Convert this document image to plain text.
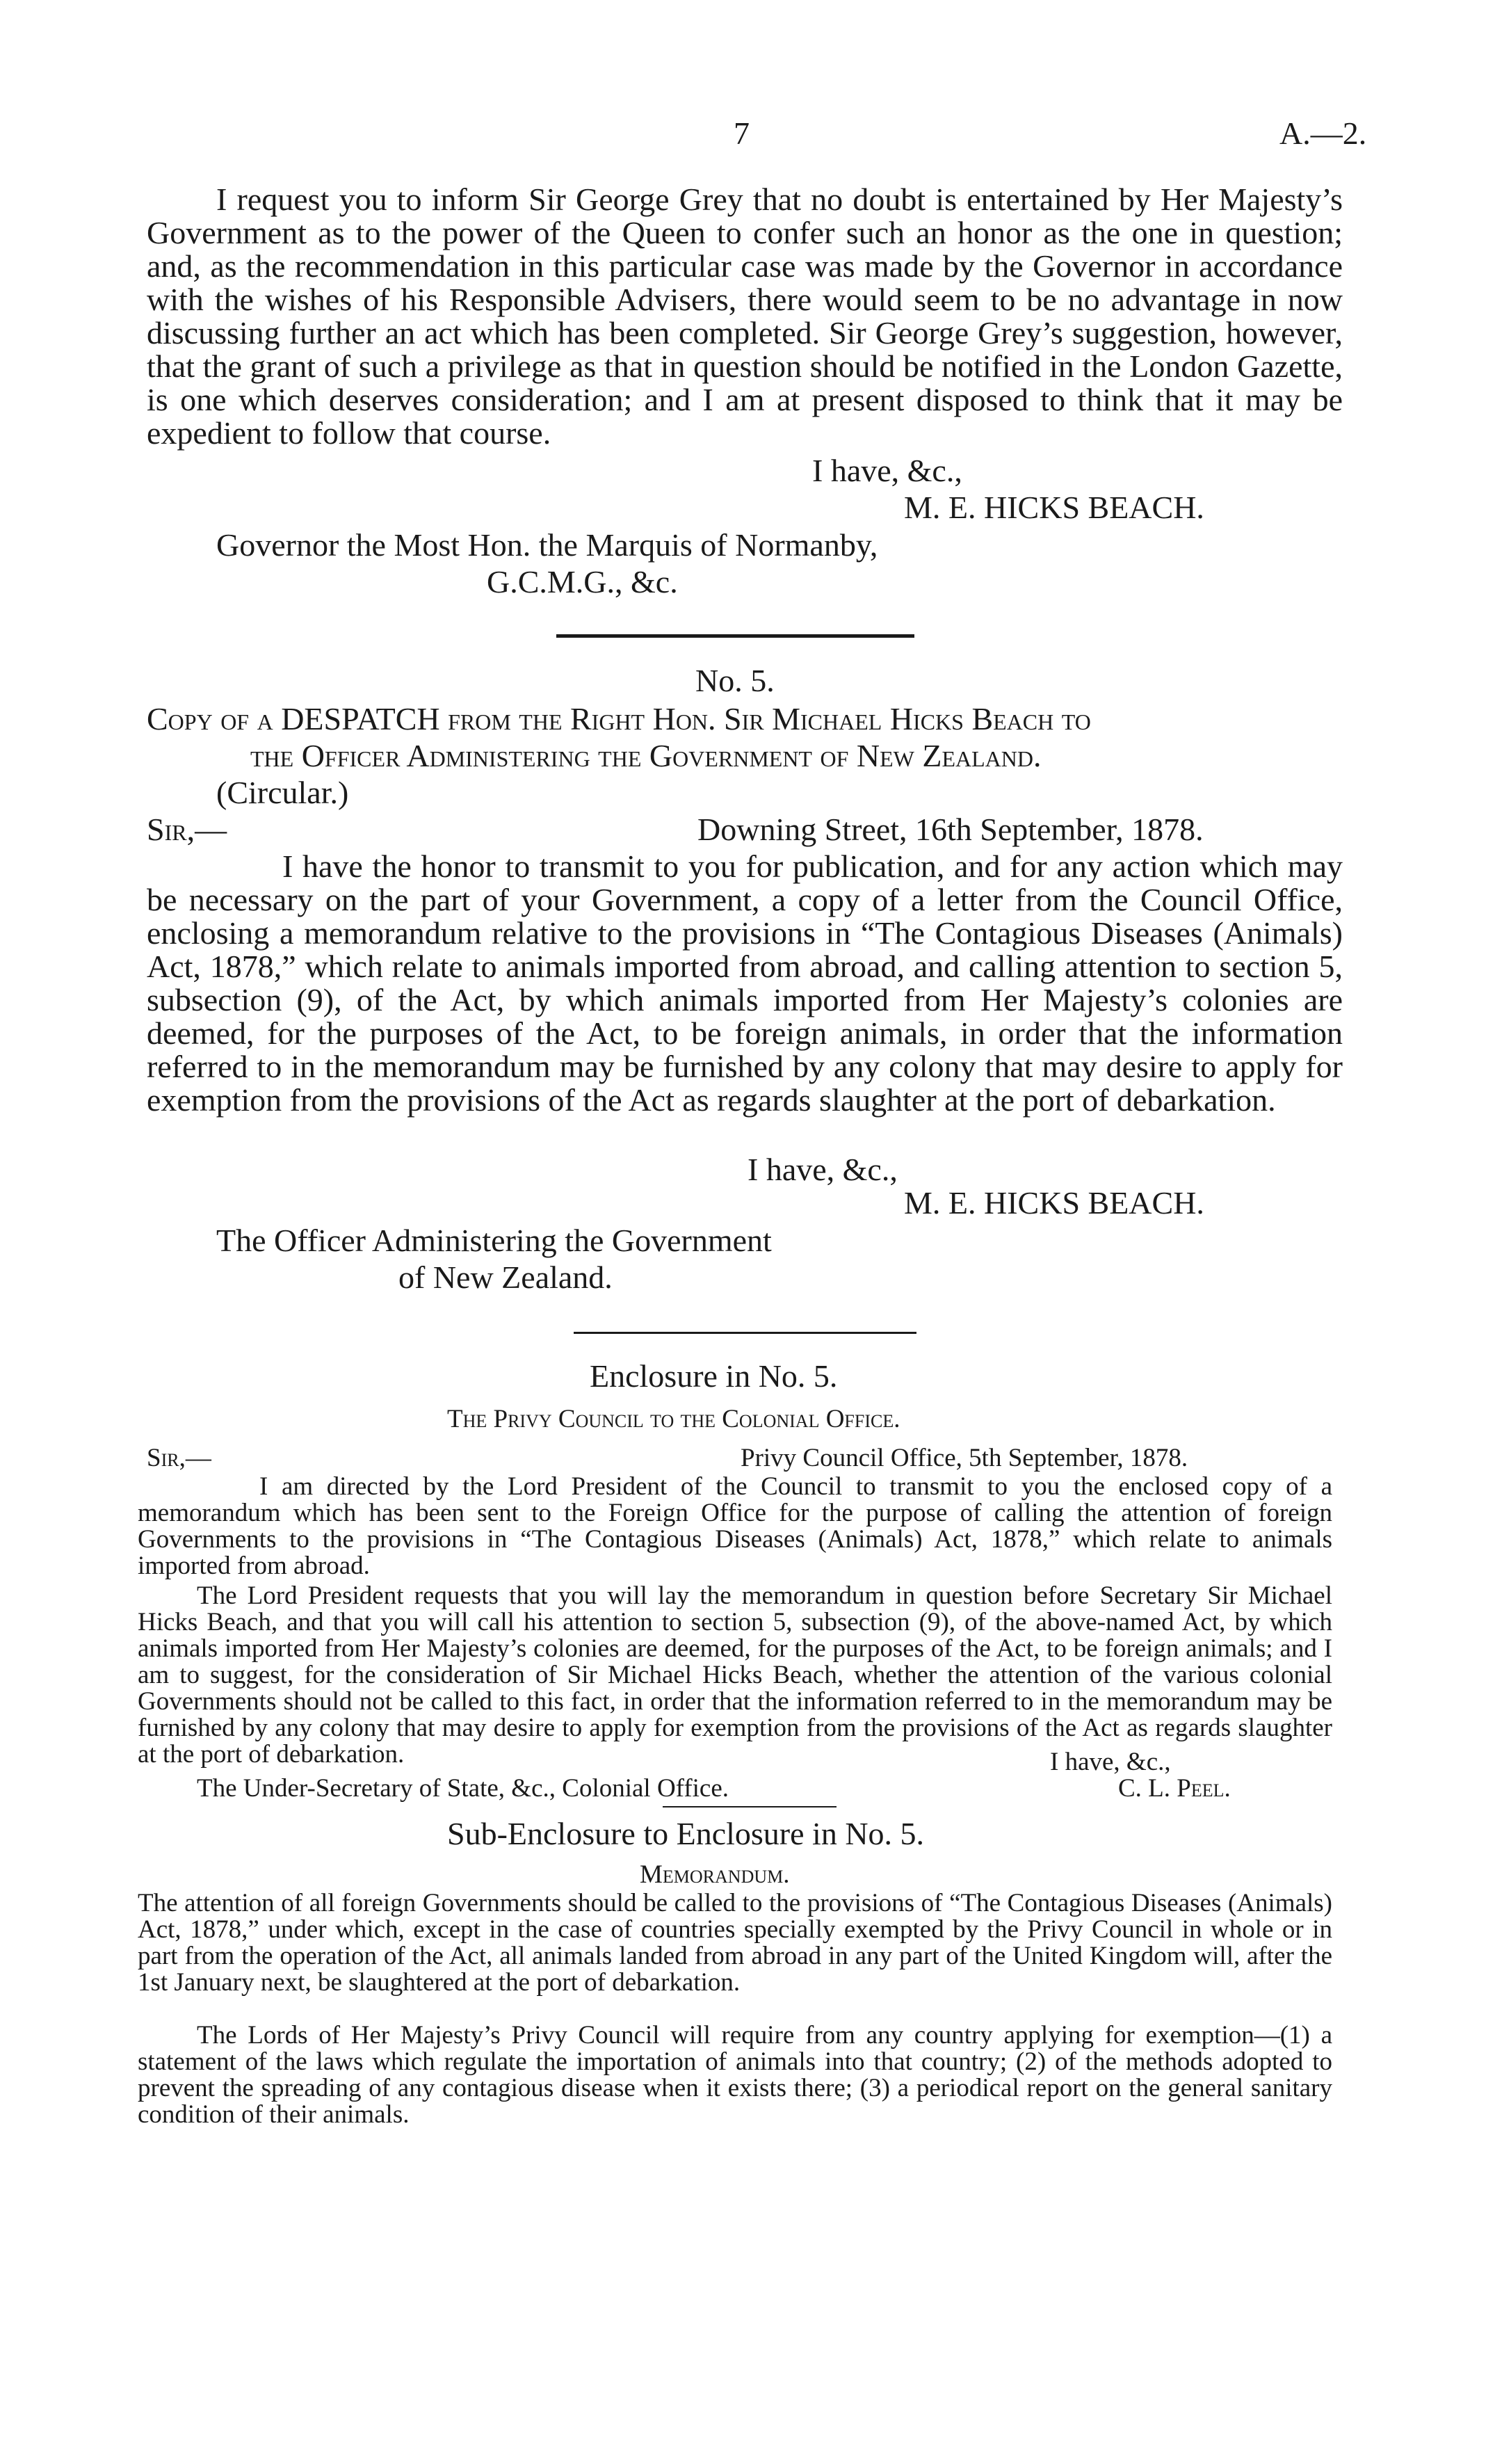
7	A.—2.
I request you to inform Sir George Grey that no doubt is entertained by Her Majesty’s Government as to the power of the Queen to confer such an honor as the one in question; and, as the recommendation in this particular case was made by the Governor in accordance with the wishes of his Responsible Advisers, there would seem to be no advantage in now discussing further an act which has been completed. Sir George Grey’s suggestion, however, that the grant of such a privilege as that in question should be notified in the London Gazette, is one which deserves consideration; and I am at present disposed to think that it may be expedient to follow that course.
I have, &c.,
M. E. HICKS BEACH.
Governor the Most Hon. the Marquis of Normanby,
G.C.M.G., &c.
No. 5.
Copy of a DESPATCH from the Right Hon. Sir Michael Hicks Beach to
the Officer Administering the Government of New Zealand.
(Circular.)
Sir,—	Downing Street, 16th September, 1878.
I have the honor to transmit to you for publication, and for any action which may be necessary on the part of your Government, a copy of a letter from the Council Office, enclosing a memorandum relative to the provisions in “The Contagious Diseases (Animals) Act, 1878,” which relate to animals imported from abroad, and calling attention to section 5, subsection (9), of the Act, by which animals imported from Her Majesty’s colonies are deemed, for the purposes of the Act, to be foreign animals, in order that the information referred to in the memorandum may be furnished by any colony that may desire to apply for exemption from the provisions of the Act as regards slaughter at the port of debarkation.
I have, &c.,
M. E. HICKS BEACH.
The Officer Administering the Government
of New Zealand.
Enclosure in No. 5.
The Privy Council to the Colonial Office.
Sir,—	Privy Council Office, 5th September, 1878.
I am directed by the Lord President of the Council to transmit to you the enclosed copy of a memorandum which has been sent to the Foreign Office for the purpose of calling the attention of foreign Governments to the provisions in “The Contagious Diseases (Animals) Act, 1878,” which relate to animals imported from abroad.
The Lord President requests that you will lay the memorandum in question before Secretary Sir Michael Hicks Beach, and that you will call his attention to section 5, subsection (9), of the above-named Act, by which animals imported from Her Majesty’s colonies are deemed, for the purposes of the Act, to be foreign animals; and I am to suggest, for the consideration of Sir Michael Hicks Beach, whether the attention of the various colonial Governments should not be called to this fact, in order that the information referred to in the memorandum may be furnished by any colony that may desire to apply for exemption from the provisions of the Act as regards slaughter at the port of debarkation.	I have, &c.,
The Under-Secretary of State, &c., Colonial Office.	C. L. Peel.
Sub-Enclosure to Enclosure in No. 5.
Memorandum.
The attention of all foreign Governments should be called to the provisions of “The Contagious Diseases (Animals) Act, 1878,” under which, except in the case of countries specially exempted by the Privy Council in whole or in part from the operation of the Act, all animals landed from abroad in any part of the United Kingdom will, after the 1st January next, be slaughtered at the port of debarkation.
The Lords of Her Majesty’s Privy Council will require from any country applying for exemption—(1) a statement of the laws which regulate the importation of animals into that country; (2) of the methods adopted to prevent the spreading of any contagious disease when it exists there; (3) a periodical report on the general sanitary condition of their animals.
